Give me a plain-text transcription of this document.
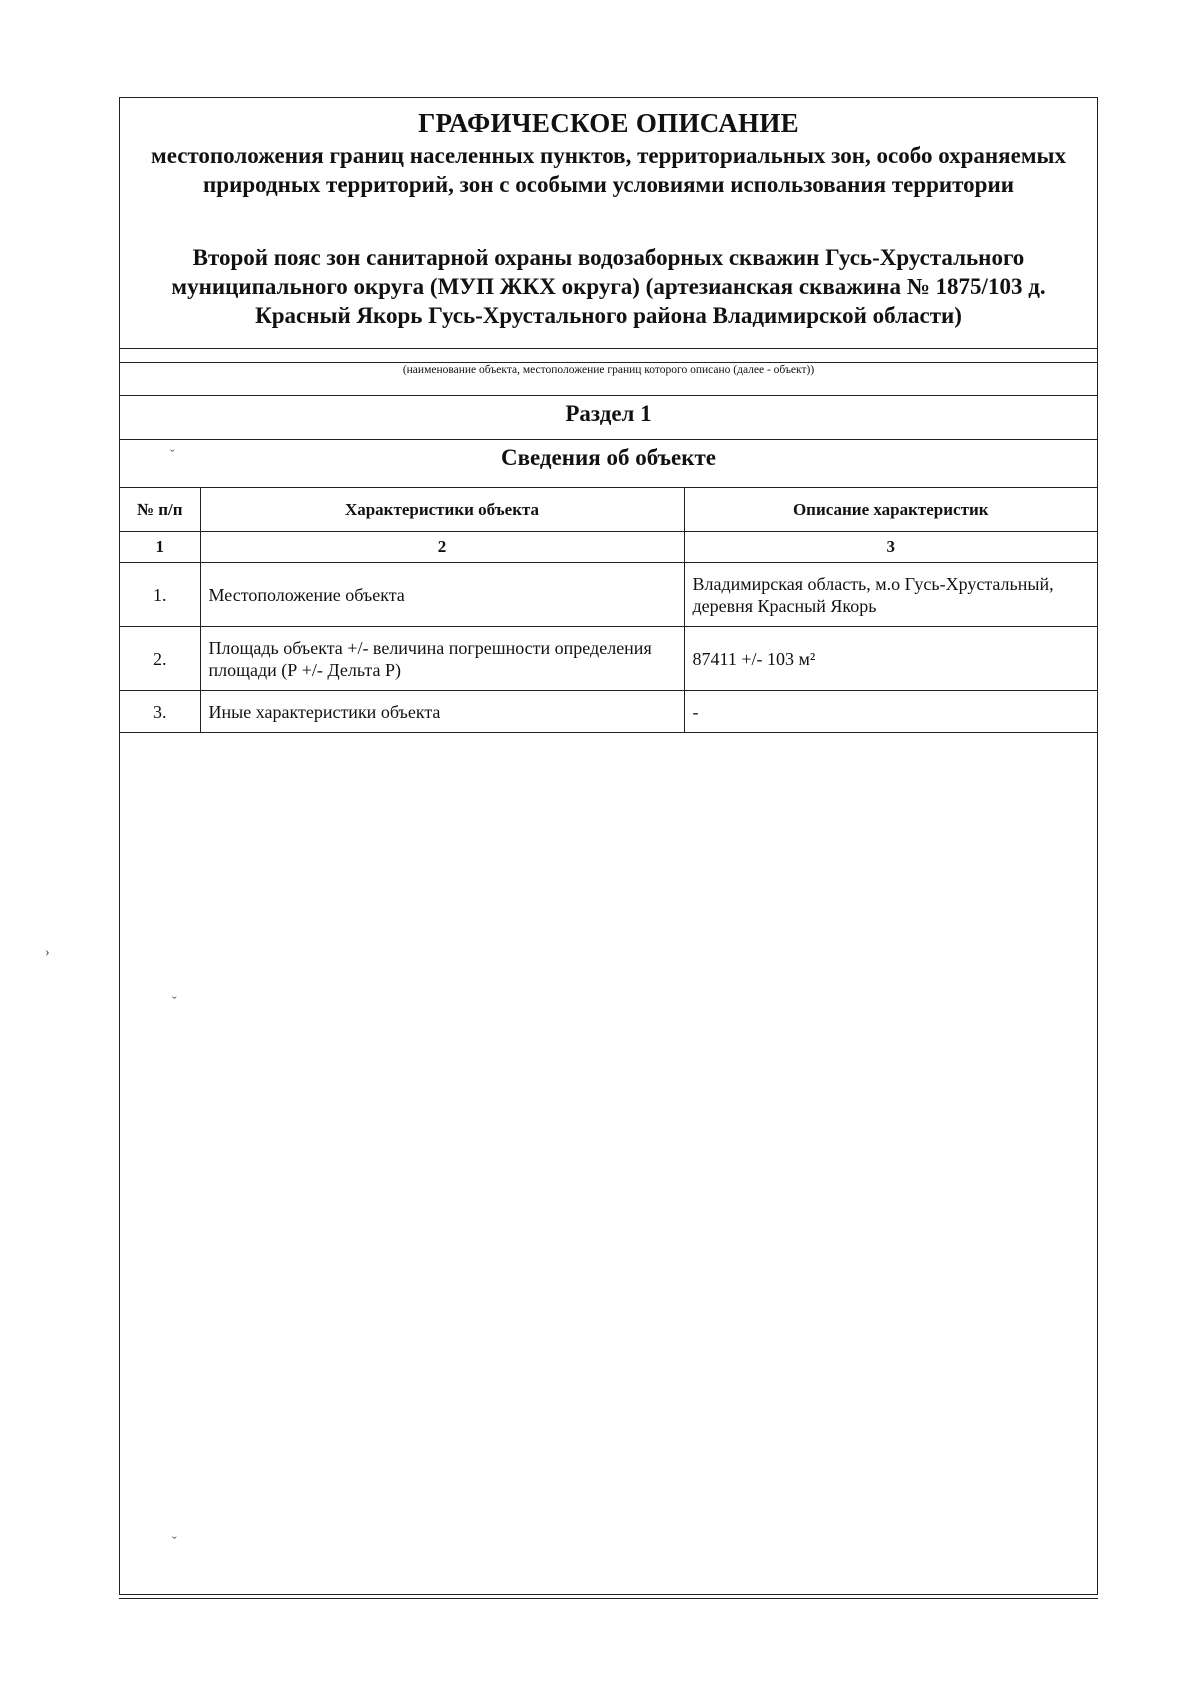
ГРАФИЧЕСКОЕ ОПИСАНИЕ
местоположения границ населенных пунктов, территориальных зон, особо охраняемых природных территорий, зон с особыми условиями использования территории
Второй пояс зон санитарной охраны водозаборных скважин Гусь-Хрустального муниципального округа (МУП ЖКХ округа) (артезианская скважина № 1875/103 д. Красный Якорь Гусь-Хрустального района Владимирской области)
(наименование объекта, местоположение границ которого описано (далее - объект))
Раздел 1
ˇ	Сведения об объекте
№ п/п	Характеристики объекта	Описание характеристик
1	2	3
1.	Местоположение объекта	Владимирская область, м.о Гусь-Хрустальный, деревня Красный Якорь
2.	Площадь объекта +/- величина погрешности определения площади (Р +/- Дельта Р)	87411 +/- 103 м²
3.	Иные характеристики объекта	-
›
ˇ
ˇ
